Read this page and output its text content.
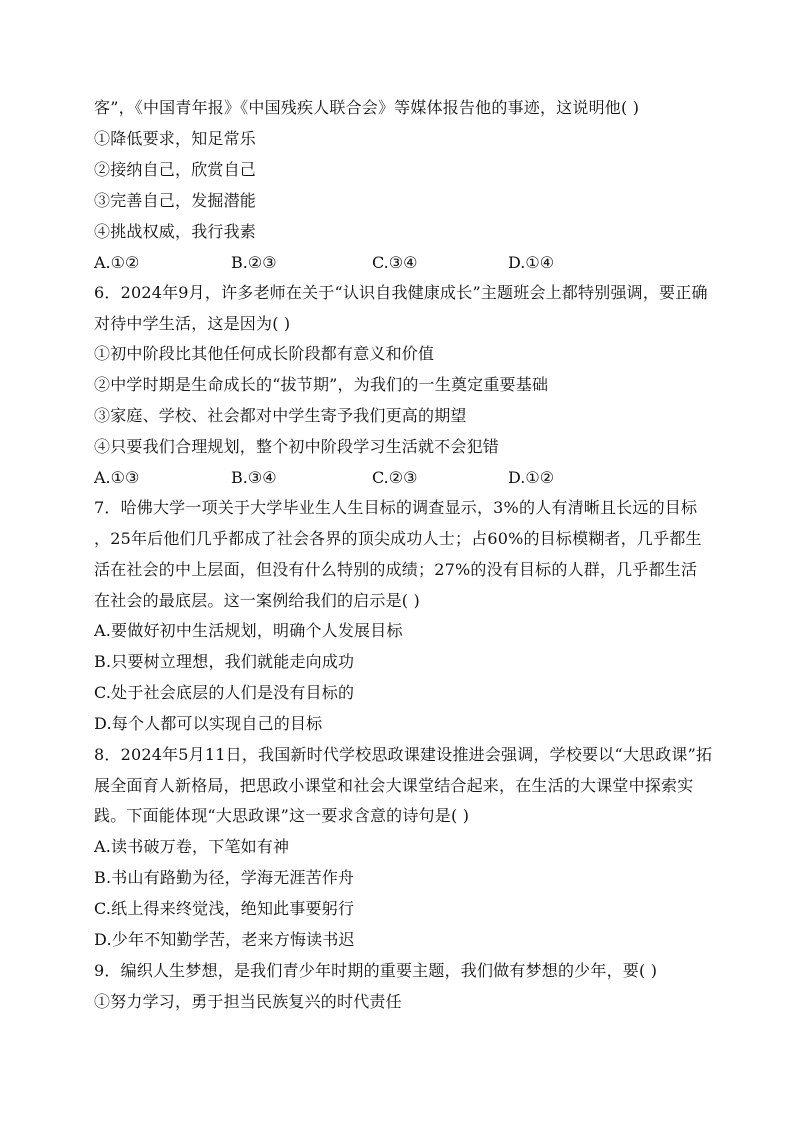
客”，《中国青年报》《中国残疾人联合会》等媒体报告他的事迹，这说明他( )
①降低要求，知足常乐
②接纳自己，欣赏自己
③完善自己，发掘潜能
④挑战权威，我行我素
A.①②	B.②③	C.③④	D.①④
6．2024年9月，许多老师在关于“认识自我健康成长”主题班会上都特别强调，要正确
对待中学生活，这是因为( )
①初中阶段比其他任何成长阶段都有意义和价值
②中学时期是生命成长的“拔节期”，为我们的一生奠定重要基础
③家庭、学校、社会都对中学生寄予我们更高的期望
④只要我们合理规划，整个初中阶段学习生活就不会犯错
A.①③	B.③④	C.②③	D.①②
7．哈佛大学一项关于大学毕业生人生目标的调查显示，3%的人有清晰且长远的目标
，25年后他们几乎都成了社会各界的顶尖成功人士；占60%的目标模糊者，几乎都生
活在社会的中上层面，但没有什么特别的成绩；27%的没有目标的人群，几乎都生活
在社会的最底层。这一案例给我们的启示是( )
A.要做好初中生活规划，明确个人发展目标
B.只要树立理想，我们就能走向成功
C.处于社会底层的人们是没有目标的
D.每个人都可以实现自己的目标
8．2024年5月11日，我国新时代学校思政课建设推进会强调，学校要以“大思政课”拓
展全面育人新格局，把思政小课堂和社会大课堂结合起来，在生活的大课堂中探索实
践。下面能体现“大思政课”这一要求含意的诗句是( )
A.读书破万卷，下笔如有神
B.书山有路勤为径，学海无涯苦作舟
C.纸上得来终觉浅，绝知此事要躬行
D.少年不知勤学苦，老来方悔读书迟
9．编织人生梦想，是我们青少年时期的重要主题，我们做有梦想的少年，要( )
①努力学习，勇于担当民族复兴的时代责任
